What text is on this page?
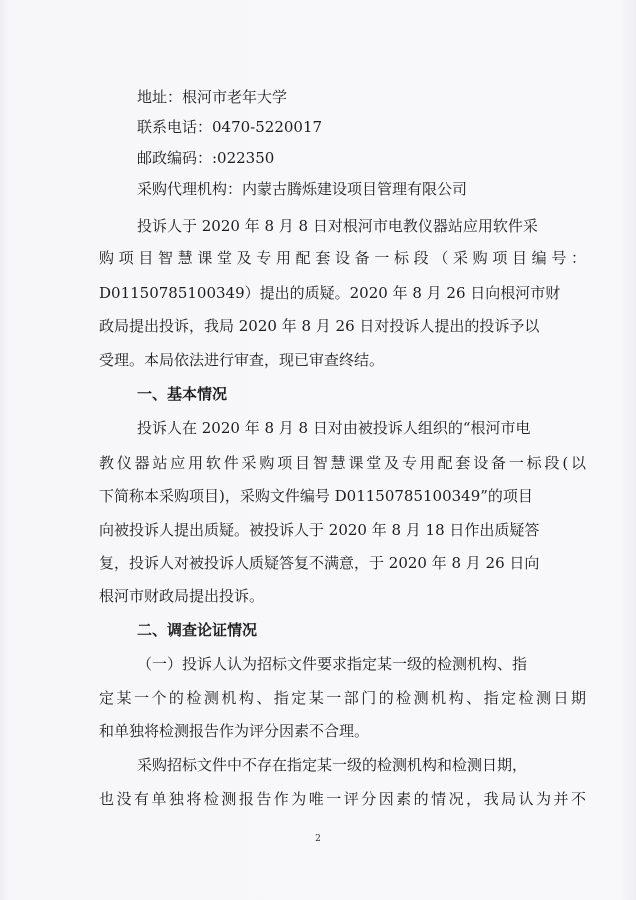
地址：根河市老年大学
联系电话：0470-5220017
邮政编码：:022350
采购代理机构：内蒙古腾烁建设项目管理有限公司
投诉人于 2020 年 8 月 8 日对根河市电教仪器站应用软件采
购项目智慧课堂及专用配套设备一标段（采购项目编号：
D01150785100349）提出的质疑。2020 年 8 月 26 日向根河市财
政局提出投诉，我局 2020 年 8 月 26 日对投诉人提出的投诉予以
受理。本局依法进行审查，现已审查终结。
一、基本情况
投诉人在 2020 年 8 月 8 日对由被投诉人组织的“根河市电
教仪器站应用软件采购项目智慧课堂及专用配套设备一标段(以
下简称本采购项目)，采购文件编号 D01150785100349”的项目
向被投诉人提出质疑。被投诉人于 2020 年 8 月 18 日作出质疑答
复，投诉人对被投诉人质疑答复不满意，于 2020 年 8 月 26 日向
根河市财政局提出投诉。
二、调查论证情况
（一）投诉人认为招标文件要求指定某一级的检测机构、指
定某一个的检测机构、指定某一部门的检测机构、指定检测日期
和单独将检测报告作为评分因素不合理。
采购招标文件中不存在指定某一级的检测机构和检测日期，
也没有单独将检测报告作为唯一评分因素的情况，我局认为并不
2
